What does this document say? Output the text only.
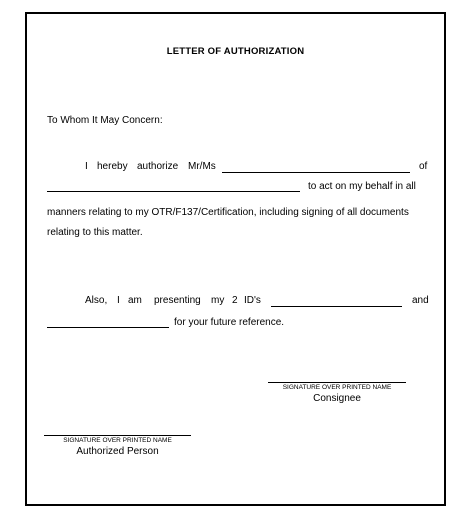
LETTER OF AUTHORIZATION
To Whom It May Concern:
I hereby authorize Mr/Ms	of
to act on my behalf in all
manners relating to my OTR/F137/Certification, including signing of all documents
relating to this matter.
Also, I am presenting my 2 ID's	and
for your future reference.
SIGNATURE OVER PRINTED NAME
Consignee
SIGNATURE OVER PRINTED NAME
Authorized Person
